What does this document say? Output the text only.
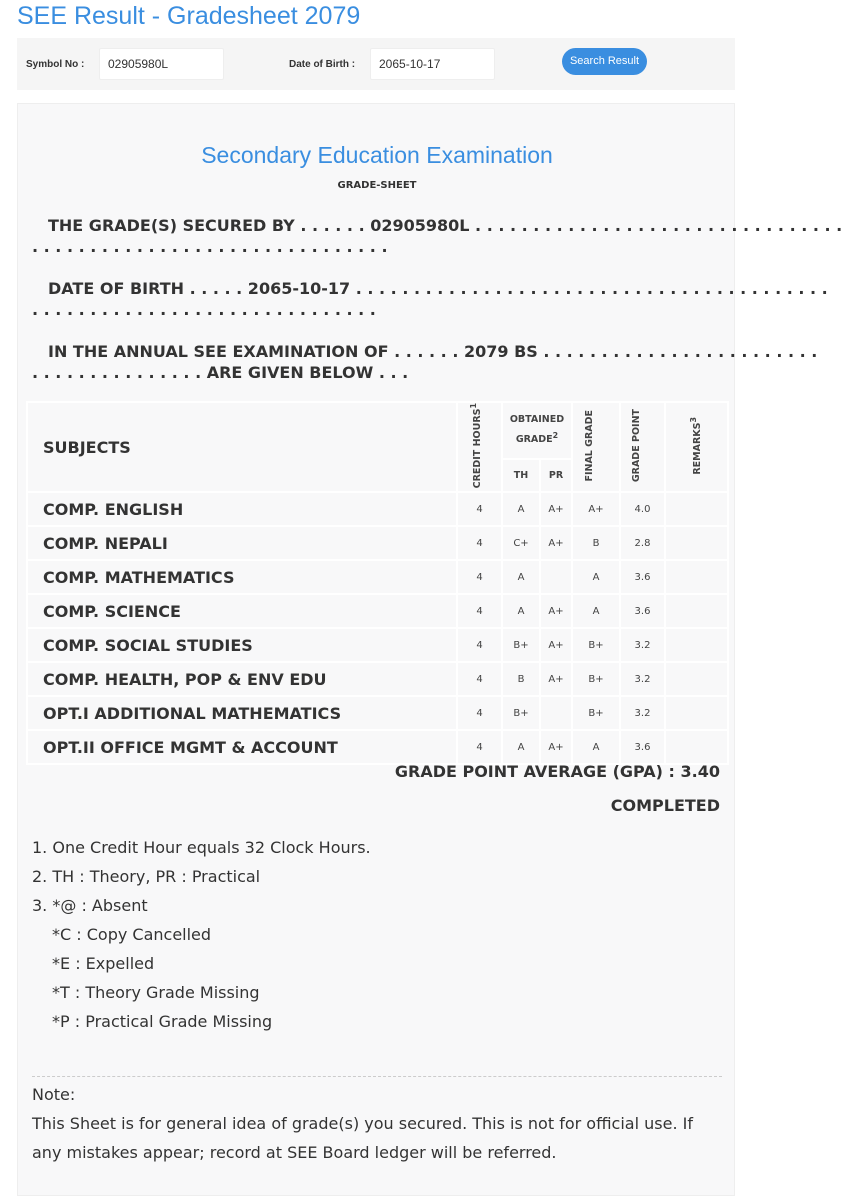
SEE Result - Gradesheet 2079
Symbol No :
02905980L	Date of Birth :
2065-10-17	Search Result
Secondary Education Examination
GRADE-SHEET
THE GRADE(S) SECURED BY . . . . . . 02905980L . . . . . . . . . . . . . . . . . . . . . . . . . . . . . . . .
. . . . . . . . . . . . . . . . . . . . . . . . . . . . . . .
DATE OF BIRTH . . . . . 2065-10-17 . . . . . . . . . . . . . . . . . . . . . . . . . . . . . . . . . . . . . . . . .
. . . . . . . . . . . . . . . . . . . . . . . . . . . . . .
IN THE ANNUAL SEE EXAMINATION OF . . . . . . 2079 BS . . . . . . . . . . . . . . . . . . . . . . . .
. . . . . . . . . . . . . . . ARE GIVEN BELOW . . .
SUBJECTS	CREDIT HOURS$^1$	OBTAINED GRADE$^2$		FINAL GRADE	GRADE POINT	REMARKS$^3$
		TH	PR			
COMP. ENGLISH	4	A	A+	A+	4.0	
COMP. NEPALI	4	C+	A+	B	2.8	
COMP. MATHEMATICS	4	A		A	3.6	
COMP. SCIENCE	4	A	A+	A	3.6	
COMP. SOCIAL STUDIES	4	B+	A+	B+	3.2	
COMP. HEALTH, POP & ENV EDU	4	B	A+	B+	3.2	
OPT.I ADDITIONAL MATHEMATICS	4	B+		B+	3.2	
OPT.II OFFICE MGMT & ACCOUNT	4	A	A+	A	3.6	
GRADE POINT AVERAGE (GPA) : 3.40
COMPLETED
1. One Credit Hour equals 32 Clock Hours.
2. TH : Theory, PR : Practical
3. *@ : Absent
*C : Copy Cancelled
*E : Expelled
*T : Theory Grade Missing
*P : Practical Grade Missing
Note:
This Sheet is for general idea of grade(s) you secured. This is not for official use. If any mistakes appear; record at SEE Board ledger will be referred.
